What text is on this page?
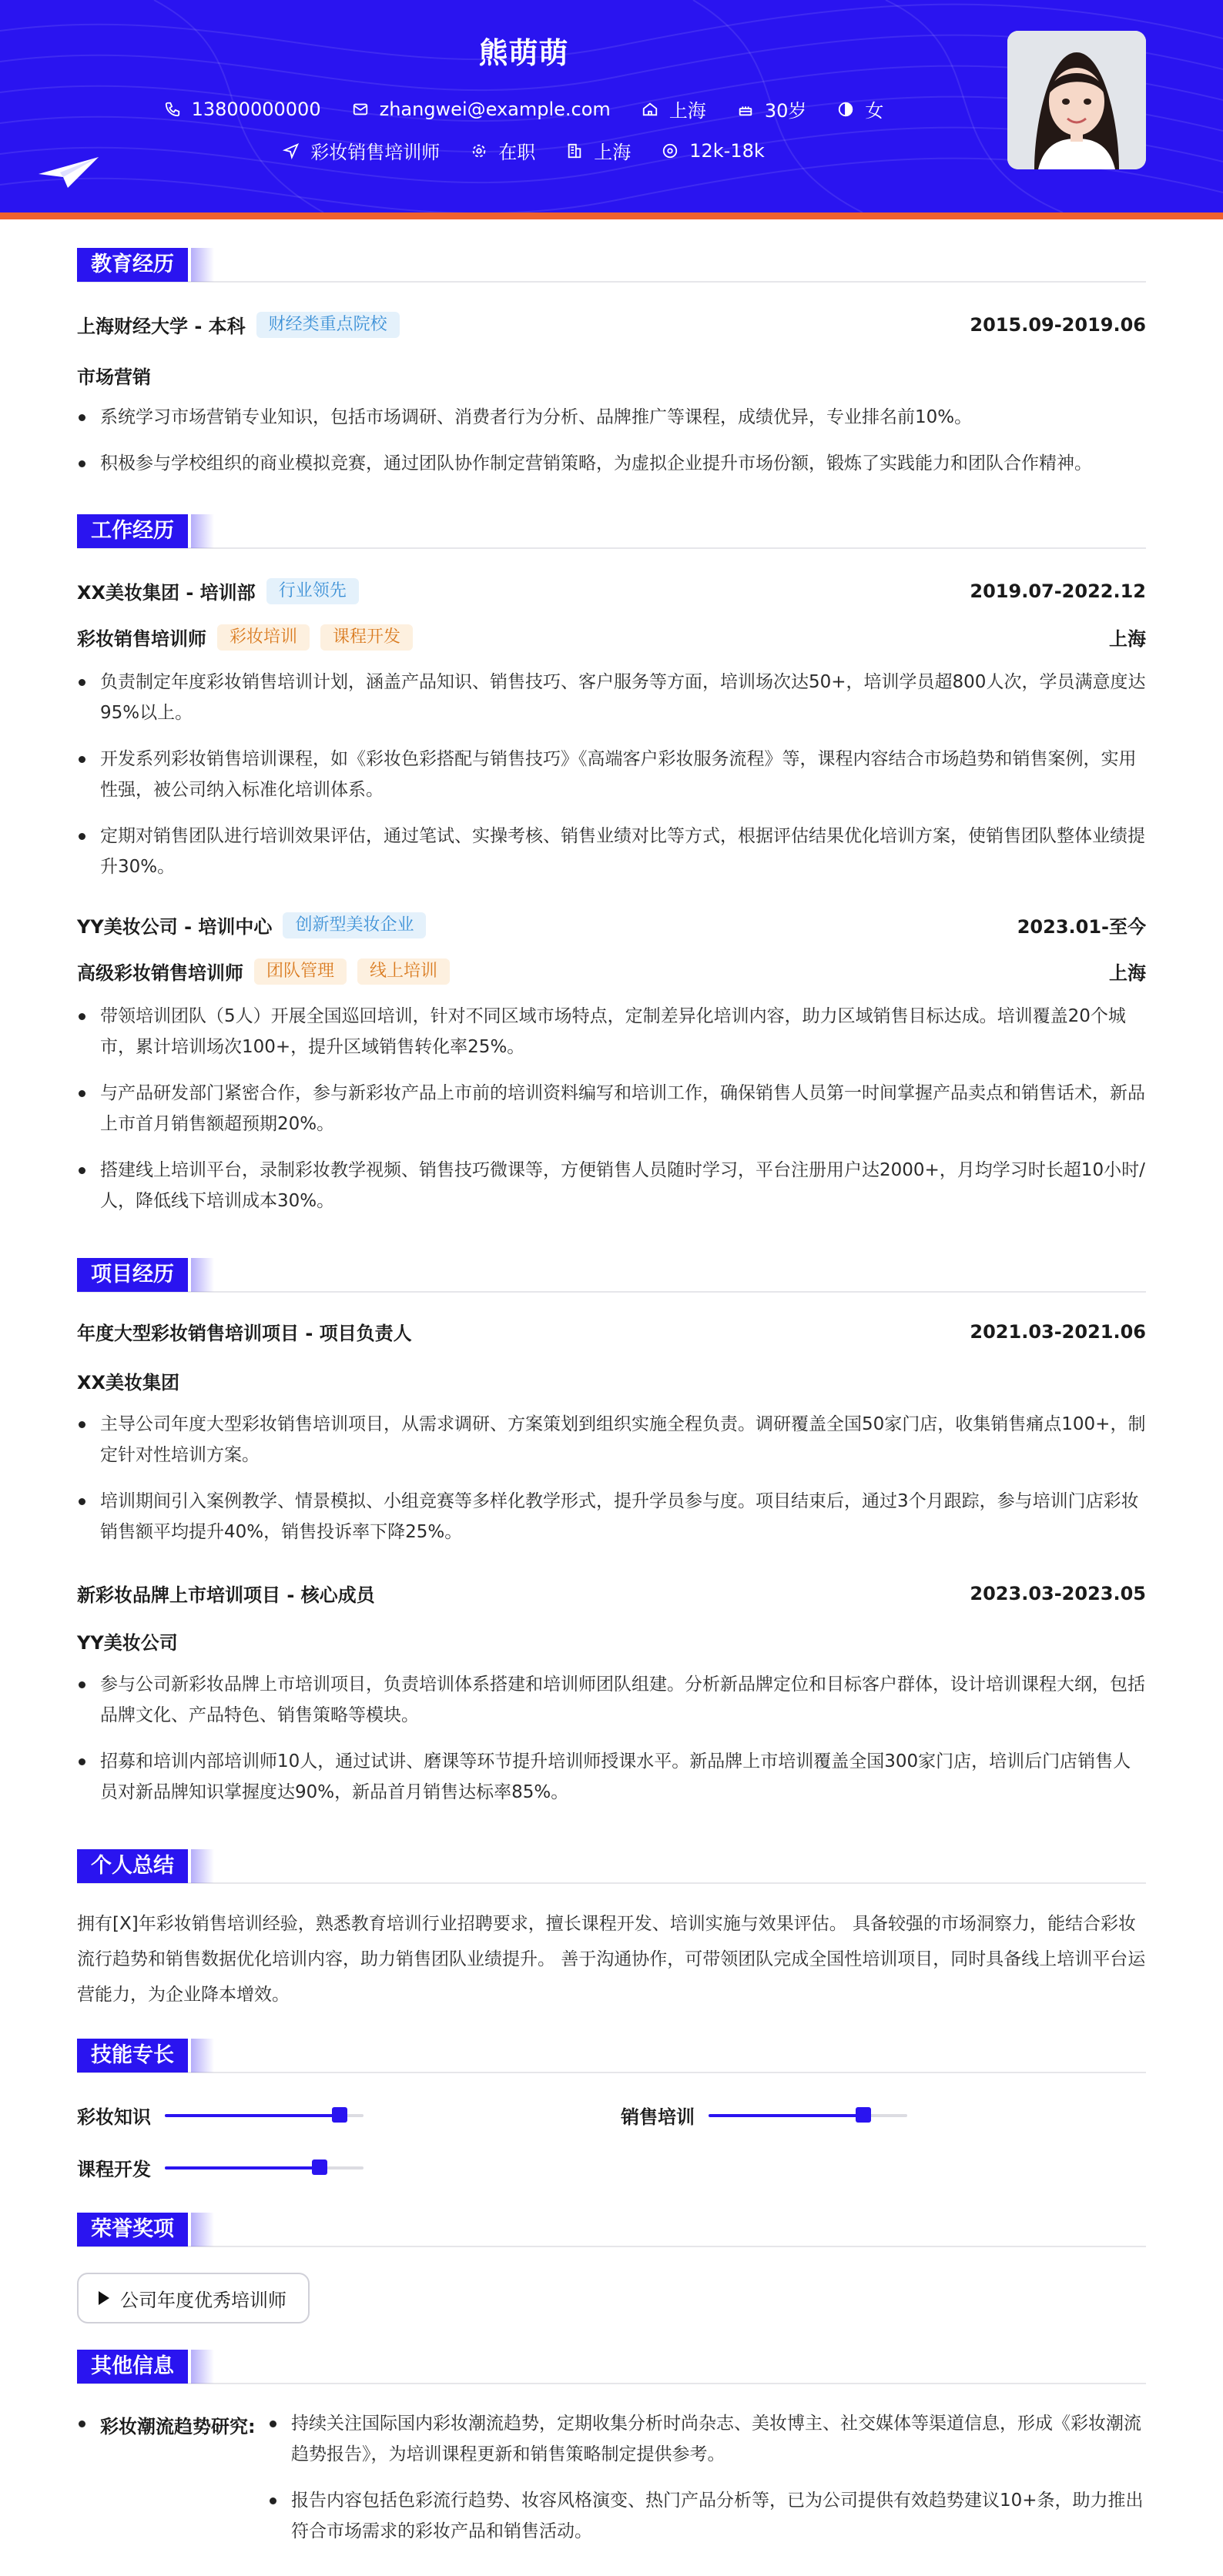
熊萌萌
13800000000	zhangwei@example.com	上海	30岁	女
彩妆销售培训师	在职	上海	12k-18k
教育经历
上海财经大学 - 本科	财经类重点院校	2015.09-2019.06
市场营销
系统学习市场营销专业知识，包括市场调研、消费者行为分析、品牌推广等课程，成绩优异，专业排名前10%。
积极参与学校组织的商业模拟竞赛，通过团队协作制定营销策略，为虚拟企业提升市场份额，锻炼了实践能力和团队合作精神。
工作经历
XX美妆集团 - 培训部	行业领先	2019.07-2022.12
彩妆销售培训师	彩妆培训	课程开发	上海
负责制定年度彩妆销售培训计划，涵盖产品知识、销售技巧、客户服务等方面，培训场次达50+，培训学员超800人次，学员满意度达95%以上。
开发系列彩妆销售培训课程，如《彩妆色彩搭配与销售技巧》《高端客户彩妆服务流程》等，课程内容结合市场趋势和销售案例，实用性强，被公司纳入标准化培训体系。
定期对销售团队进行培训效果评估，通过笔试、实操考核、销售业绩对比等方式，根据评估结果优化培训方案，使销售团队整体业绩提升30%。
YY美妆公司 - 培训中心	创新型美妆企业	2023.01-至今
高级彩妆销售培训师	团队管理	线上培训	上海
带领培训团队（5人）开展全国巡回培训，针对不同区域市场特点，定制差异化培训内容，助力区域销售目标达成。培训覆盖20个城市，累计培训场次100+，提升区域销售转化率25%。
与产品研发部门紧密合作，参与新彩妆产品上市前的培训资料编写和培训工作，确保销售人员第一时间掌握产品卖点和销售话术，新品上市首月销售额超预期20%。
搭建线上培训平台，录制彩妆教学视频、销售技巧微课等，方便销售人员随时学习，平台注册用户达2000+，月均学习时长超10小时/人，降低线下培训成本30%。
项目经历
年度大型彩妆销售培训项目 - 项目负责人	2021.03-2021.06
XX美妆集团
主导公司年度大型彩妆销售培训项目，从需求调研、方案策划到组织实施全程负责。调研覆盖全国50家门店，收集销售痛点100+，制定针对性培训方案。
培训期间引入案例教学、情景模拟、小组竞赛等多样化教学形式，提升学员参与度。项目结束后，通过3个月跟踪，参与培训门店彩妆销售额平均提升40%，销售投诉率下降25%。
新彩妆品牌上市培训项目 - 核心成员	2023.03-2023.05
YY美妆公司
参与公司新彩妆品牌上市培训项目，负责培训体系搭建和培训师团队组建。分析新品牌定位和目标客户群体，设计培训课程大纲，包括品牌文化、产品特色、销售策略等模块。
招募和培训内部培训师10人，通过试讲、磨课等环节提升培训师授课水平。新品牌上市培训覆盖全国300家门店，培训后门店销售人员对新品牌知识掌握度达90%，新品首月销售达标率85%。
个人总结
拥有[X]年彩妆销售培训经验，熟悉教育培训行业招聘要求，擅长课程开发、培训实施与效果评估。 具备较强的市场洞察力，能结合彩妆流行趋势和销售数据优化培训内容，助力销售团队业绩提升。 善于沟通协作，可带领团队完成全国性培训项目，同时具备线上培训平台运营能力，为企业降本增效。
技能专长
彩妆知识	销售培训
课程开发
荣誉奖项
公司年度优秀培训师
其他信息
彩妆潮流趋势研究:	持续关注国际国内彩妆潮流趋势，定期收集分析时尚杂志、美妆博主、社交媒体等渠道信息，形成《彩妆潮流趋势报告》，为培训课程更新和销售策略制定提供参考。
报告内容包括色彩流行趋势、妆容风格演变、热门产品分析等，已为公司提供有效趋势建议10+条，助力推出符合市场需求的彩妆产品和销售活动。
